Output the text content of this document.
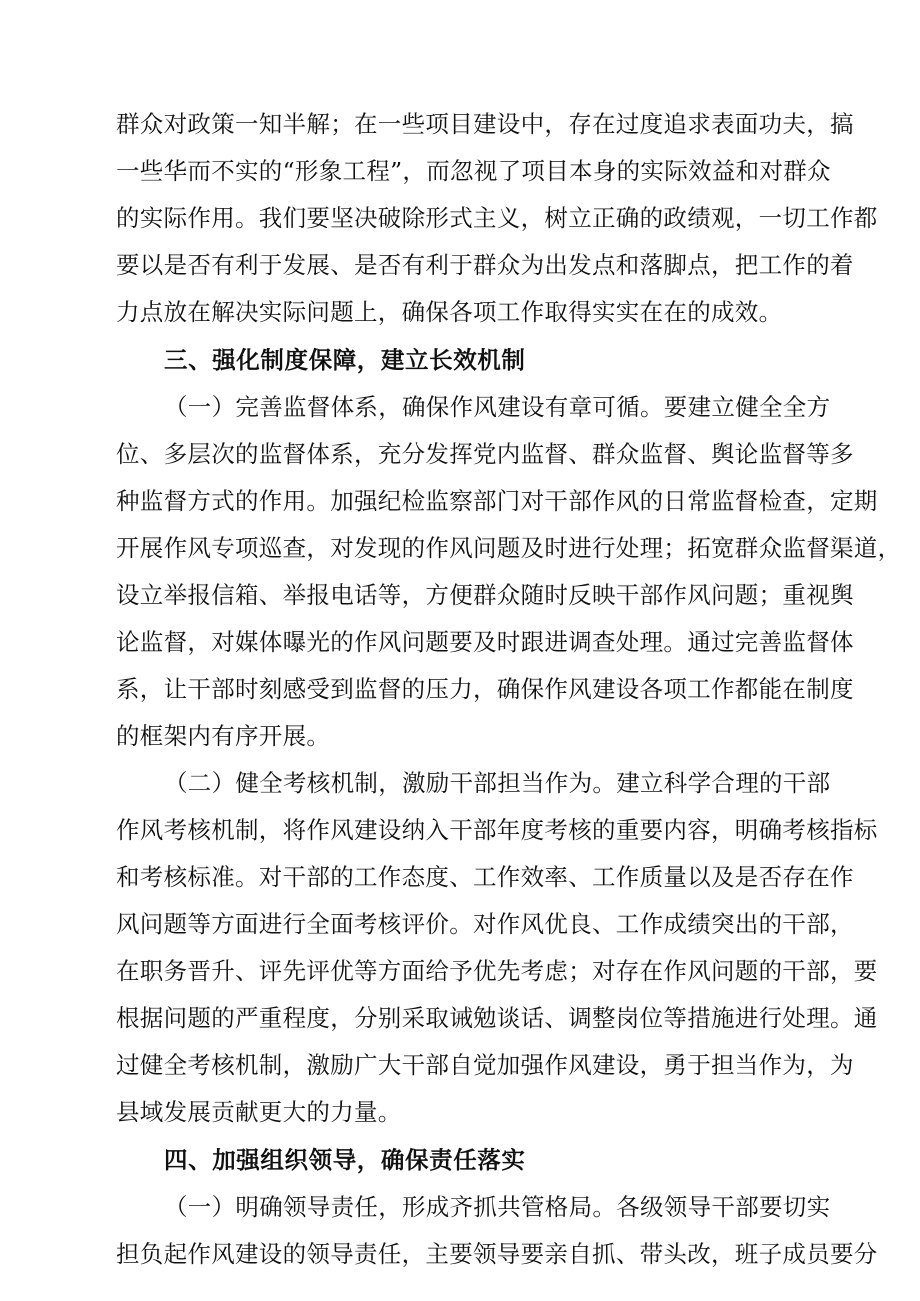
群众对政策一知半解；在一些项目建设中，存在过度追求表面功夫，搞
一些华而不实的“形象工程”，而忽视了项目本身的实际效益和对群众
的实际作用。我们要坚决破除形式主义，树立正确的政绩观，一切工作都
要以是否有利于发展、是否有利于群众为出发点和落脚点，把工作的着
力点放在解决实际问题上，确保各项工作取得实实在在的成效。
三、强化制度保障，建立长效机制
（一）完善监督体系，确保作风建设有章可循。要建立健全全方
位、多层次的监督体系，充分发挥党内监督、群众监督、舆论监督等多
种监督方式的作用。加强纪检监察部门对干部作风的日常监督检查，定期
开展作风专项巡查，对发现的作风问题及时进行处理；拓宽群众监督渠道，
设立举报信箱、举报电话等，方便群众随时反映干部作风问题；重视舆
论监督，对媒体曝光的作风问题要及时跟进调查处理。通过完善监督体
系，让干部时刻感受到监督的压力，确保作风建设各项工作都能在制度
的框架内有序开展。
（二）健全考核机制，激励干部担当作为。建立科学合理的干部
作风考核机制，将作风建设纳入干部年度考核的重要内容，明确考核指标
和考核标准。对干部的工作态度、工作效率、工作质量以及是否存在作
风问题等方面进行全面考核评价。对作风优良、工作成绩突出的干部，
在职务晋升、评先评优等方面给予优先考虑；对存在作风问题的干部，要
根据问题的严重程度，分别采取诫勉谈话、调整岗位等措施进行处理。通
过健全考核机制，激励广大干部自觉加强作风建设，勇于担当作为，为
县域发展贡献更大的力量。
四、加强组织领导，确保责任落实
（一）明确领导责任，形成齐抓共管格局。各级领导干部要切实
担负起作风建设的领导责任，主要领导要亲自抓、带头改，班子成员要分
